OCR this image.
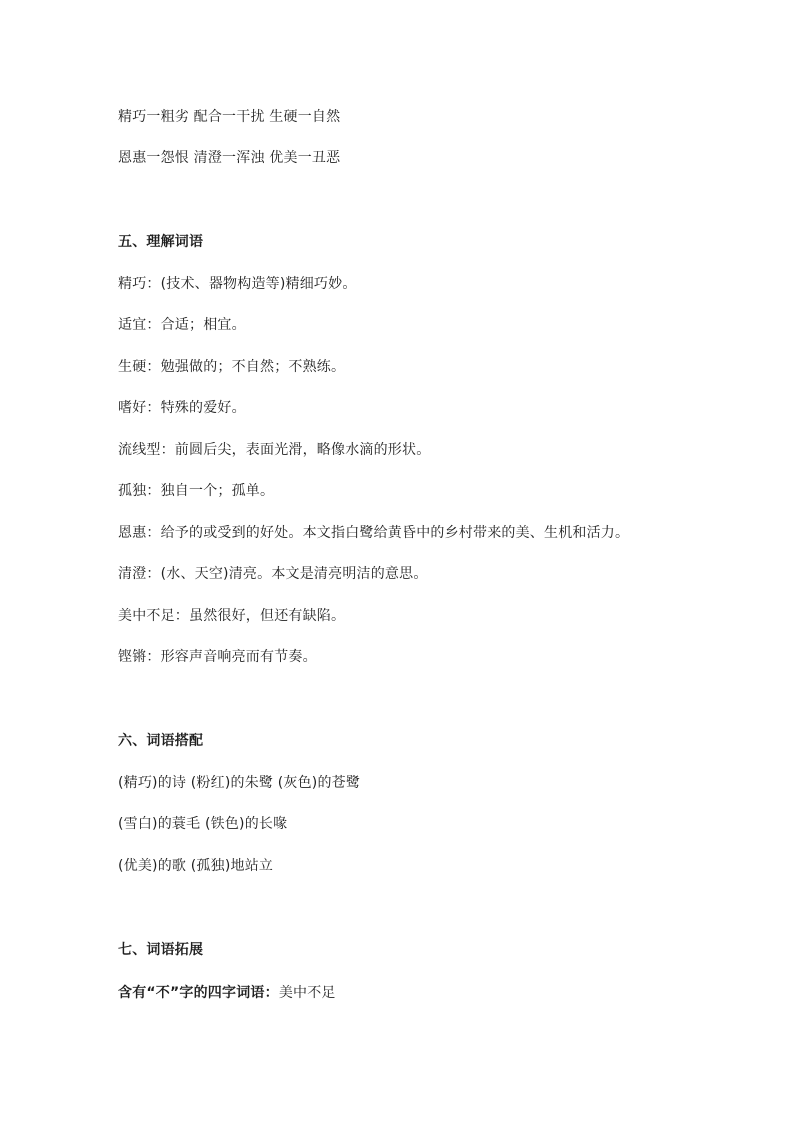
精巧一粗劣 配合一干扰 生硬一自然
恩惠一怨恨 清澄一浑浊 优美一丑恶
五、理解词语
精巧：(技术、器物构造等)精细巧妙。
适宜：合适；相宜。
生硬：勉强做的；不自然；不熟练。
嗜好：特殊的爱好。
流线型：前圆后尖，表面光滑，略像水滴的形状。
孤独：独自一个；孤单。
恩惠：给予的或受到的好处。本文指白鹭给黄昏中的乡村带来的美、生机和活力。
清澄：(水、天空)清亮。本文是清亮明洁的意思。
美中不足：虽然很好，但还有缺陷。
铿锵：形容声音响亮而有节奏。
六、词语搭配
(精巧)的诗 (粉红)的朱鹭 (灰色)的苍鹭
(雪白)的蓑毛 (铁色)的长喙
(优美)的歌 (孤独)地站立
七、词语拓展
含有“不”字的四字词语：美中不足
